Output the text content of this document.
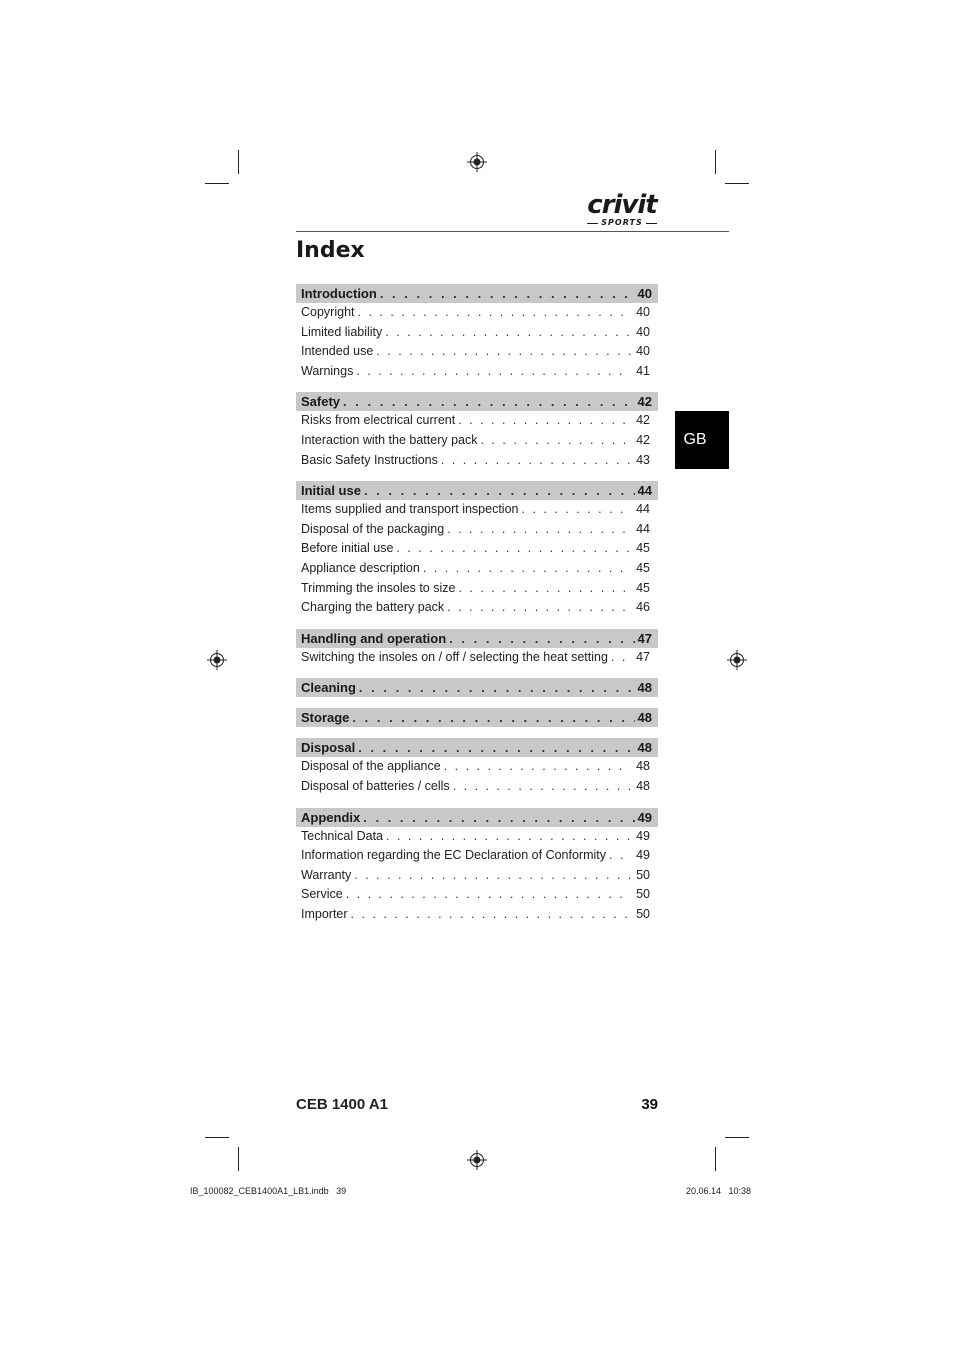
crivit
SPORTS
Index
GB
Introduction . . .	40
Copyright . . .	40
Limited liability . . .	40
Intended use . . .	40
Warnings . . .	41
Safety . . .	42
Risks from electrical current . . .	42
Interaction with the battery pack . . .	42
Basic Safety Instructions . . .	43
Initial use . . .	44
Items supplied and transport inspection . . .	44
Disposal of the packaging . . .	44
Before initial use . . .	45
Appliance description . . .	45
Trimming the insoles to size . . .	45
Charging the battery pack . . .	46
Handling and operation . . .	47
Switching the insoles on / off / selecting the heat setting . . . 47
Cleaning . . .	48
Storage . . .	48
Disposal . . .	48
Disposal of the appliance . . .	48
Disposal of batteries / cells . . .	48
Appendix . . .	49
Technical Data . . .	49
Information regarding the EC Declaration of Conformity . . . 49
Warranty . . .	50
Service . . .	50
Importer . . .	50
CEB 1400 A1	39
IB_100082_CEB1400A1_LB1.indb   39	20.06.14   10:38
